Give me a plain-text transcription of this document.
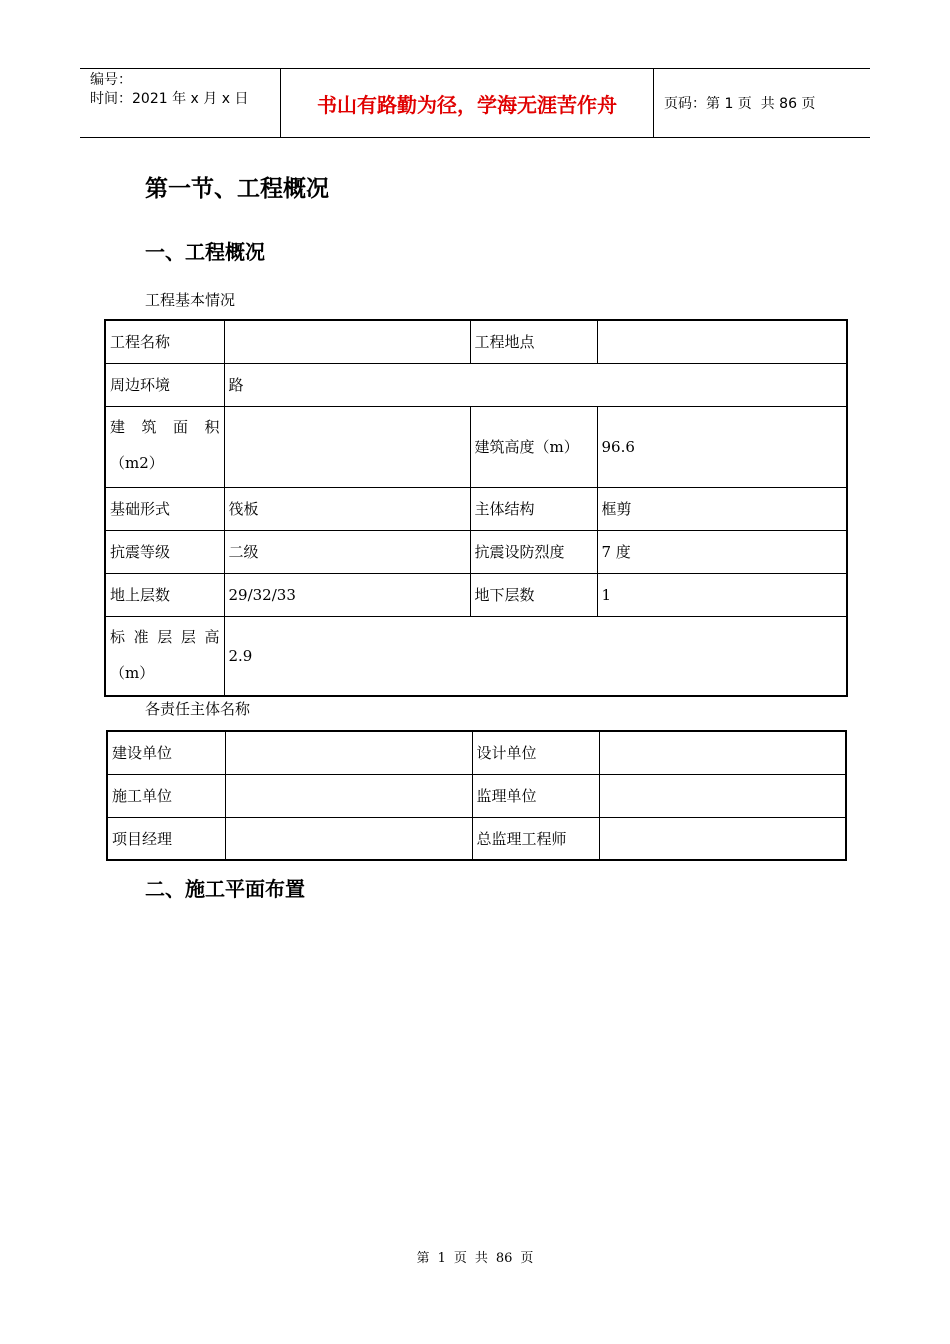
编号：
时间：2021 年 x 月 x 日	书山有路勤为径，学海无涯苦作舟	页码：第 1 页  共 86 页
第一节、工程概况
一、工程概况
工程基本情况
工程名称		工程地点	
周边环境	路		

建 筑 面 积
（m2）		建筑高度（m）	96.6
基础形式	筏板	主体结构	框剪
抗震等级	二级	抗震设防烈度	7 度
地上层数	29/32/33	地下层数	1

标 准 层 层 高
（m）	2.9		
各责任主体名称
建设单位		设计单位	
施工单位		监理单位	
项目经理		总监理工程师	
二、施工平面布置
第 1 页 共 86 页
